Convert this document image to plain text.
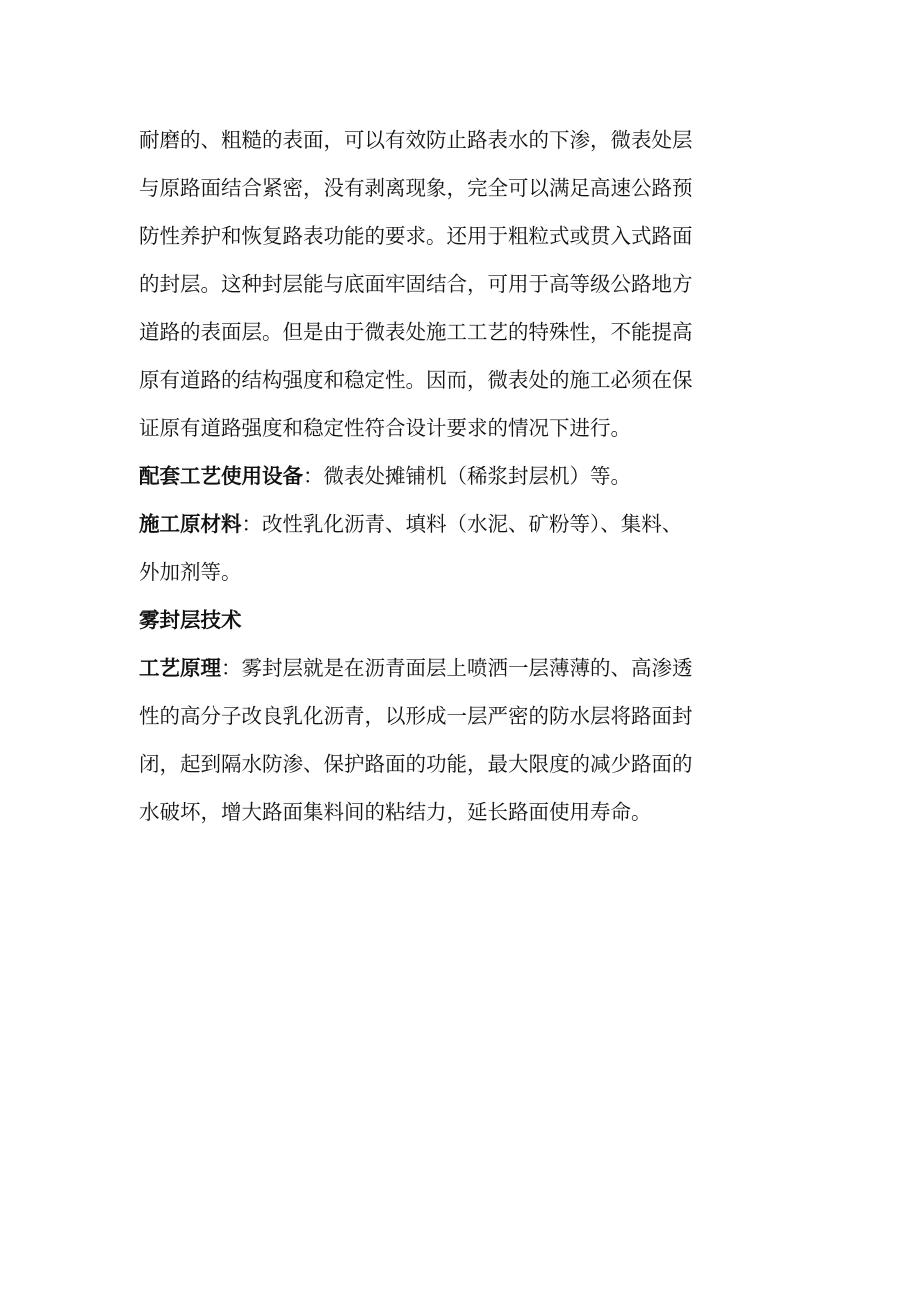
耐磨的、粗糙的表面，可以有效防止路表水的下渗，微表处层
与原路面结合紧密，没有剥离现象，完全可以满足高速公路预
防性养护和恢复路表功能的要求。还用于粗粒式或贯入式路面
的封层。这种封层能与底面牢固结合，可用于高等级公路地方
道路的表面层。但是由于微表处施工工艺的特殊性，不能提高
原有道路的结构强度和稳定性。因而，微表处的施工必须在保
证原有道路强度和稳定性符合设计要求的情况下进行。
配套工艺使用设备：微表处摊铺机（稀浆封层机）等。
施工原材料：改性乳化沥青、填料（水泥、矿粉等）、集料、
外加剂等。
雾封层技术
工艺原理：雾封层就是在沥青面层上喷洒一层薄薄的、高渗透
性的高分子改良乳化沥青，以形成一层严密的防水层将路面封
闭，起到隔水防渗、保护路面的功能，最大限度的减少路面的
水破坏，增大路面集料间的粘结力，延长路面使用寿命。
